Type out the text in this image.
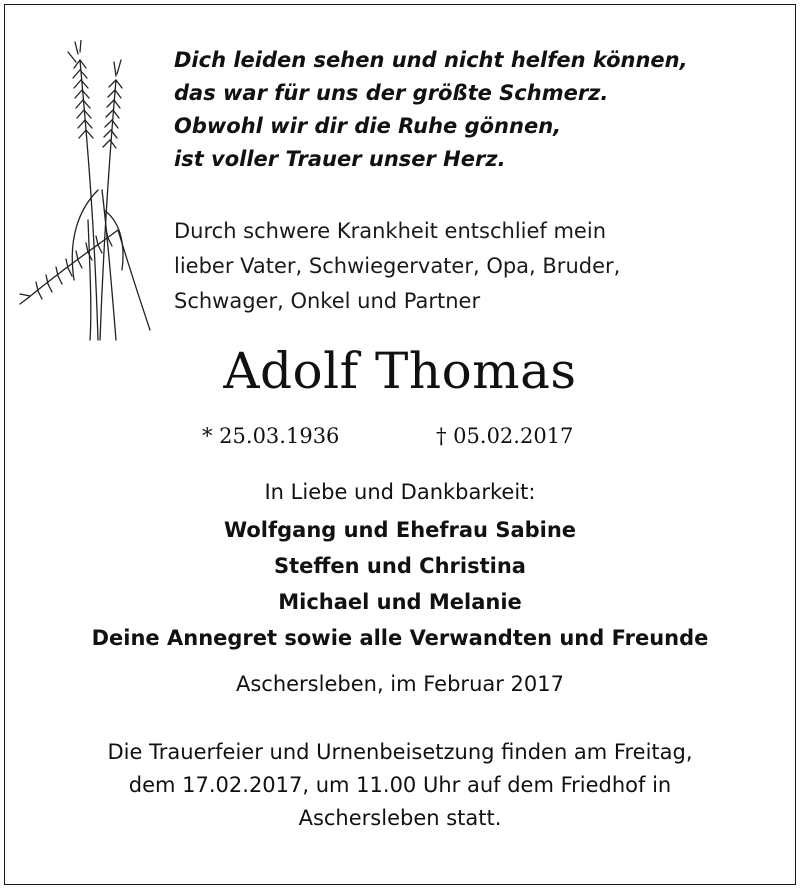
Dich leiden sehen und nicht helfen können,
das war für uns der größte Schmerz.
Obwohl wir dir die Ruhe gönnen,
ist voller Trauer unser Herz.
Durch schwere Krankheit entschlief mein
lieber Vater, Schwiegervater, Opa, Bruder,
Schwager, Onkel und Partner
Adolf Thomas
* 25.03.1936	† 05.02.2017
In Liebe und Dankbarkeit:
Wolfgang und Ehefrau Sabine
Steffen und Christina
Michael und Melanie
Deine Annegret sowie alle Verwandten und Freunde
Aschersleben, im Februar 2017
Die Trauerfeier und Urnenbeisetzung finden am Freitag,
dem 17.02.2017, um 11.00 Uhr auf dem Friedhof in
Aschersleben statt.
